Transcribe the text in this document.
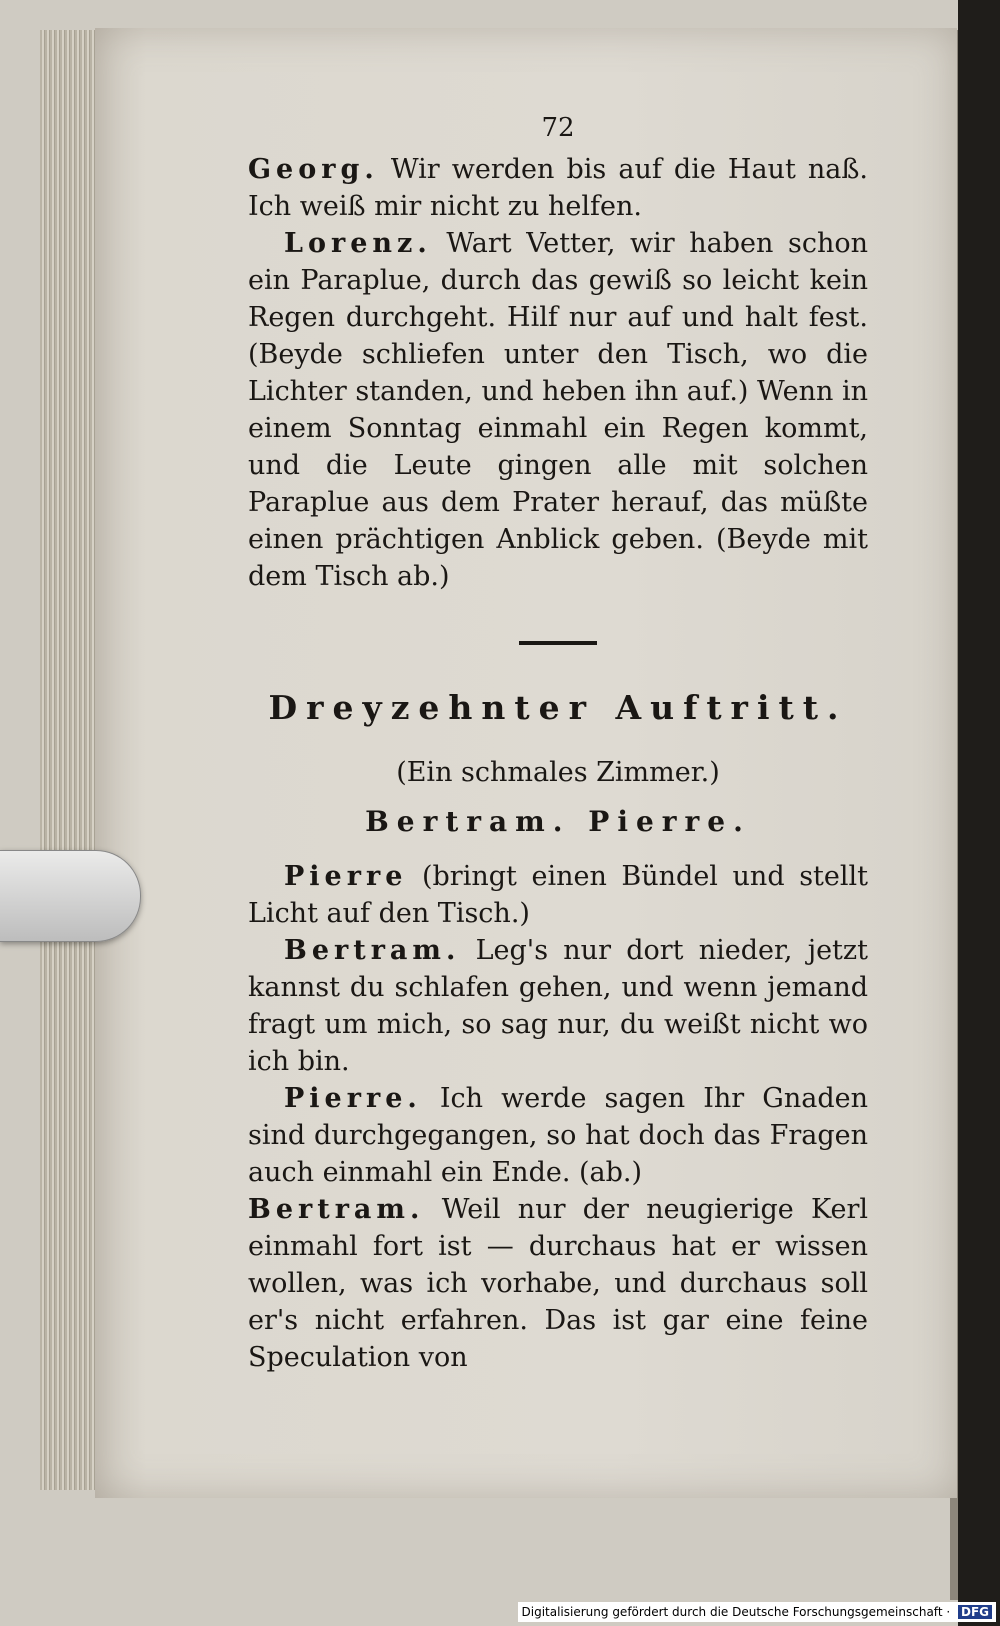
72

Georg. Wir werden bis auf die Haut naß. Ich weiß mir nicht zu helfen.

Lorenz. Wart Vetter, wir haben schon ein Paraplue, durch das gewiß so leicht kein Regen durchgeht. Hilf nur auf und halt fest. (Beyde schliefen unter den Tisch, wo die Lichter standen, und heben ihn auf.) Wenn in einem Sonntag einmahl ein Regen kommt, und die Leute gingen alle mit solchen Paraplue aus dem Prater herauf, das müßte einen prächtigen Anblick geben. (Beyde mit dem Tisch ab.)

Dreyzehnter Auftritt.
(Ein schmales Zimmer.)
Bertram. Pierre.

Pierre (bringt einen Bündel und stellt Licht auf den Tisch.)

Bertram. Leg's nur dort nieder, jetzt kannst du schlafen gehen, und wenn jemand fragt um mich, so sag nur, du weißt nicht wo ich bin.

Pierre. Ich werde sagen Ihr Gnaden sind durchgegangen, so hat doch das Fragen auch einmahl ein Ende. (ab.)

Bertram. Weil nur der neugierige Kerl einmahl fort ist — durchaus hat er wissen wollen, was ich vorhabe, und durchaus soll er's nicht erfahren. Das ist gar eine feine Speculation von

Digitalisierung gefördert durch die Deutsche Forschungsgemeinschaft · DFG
